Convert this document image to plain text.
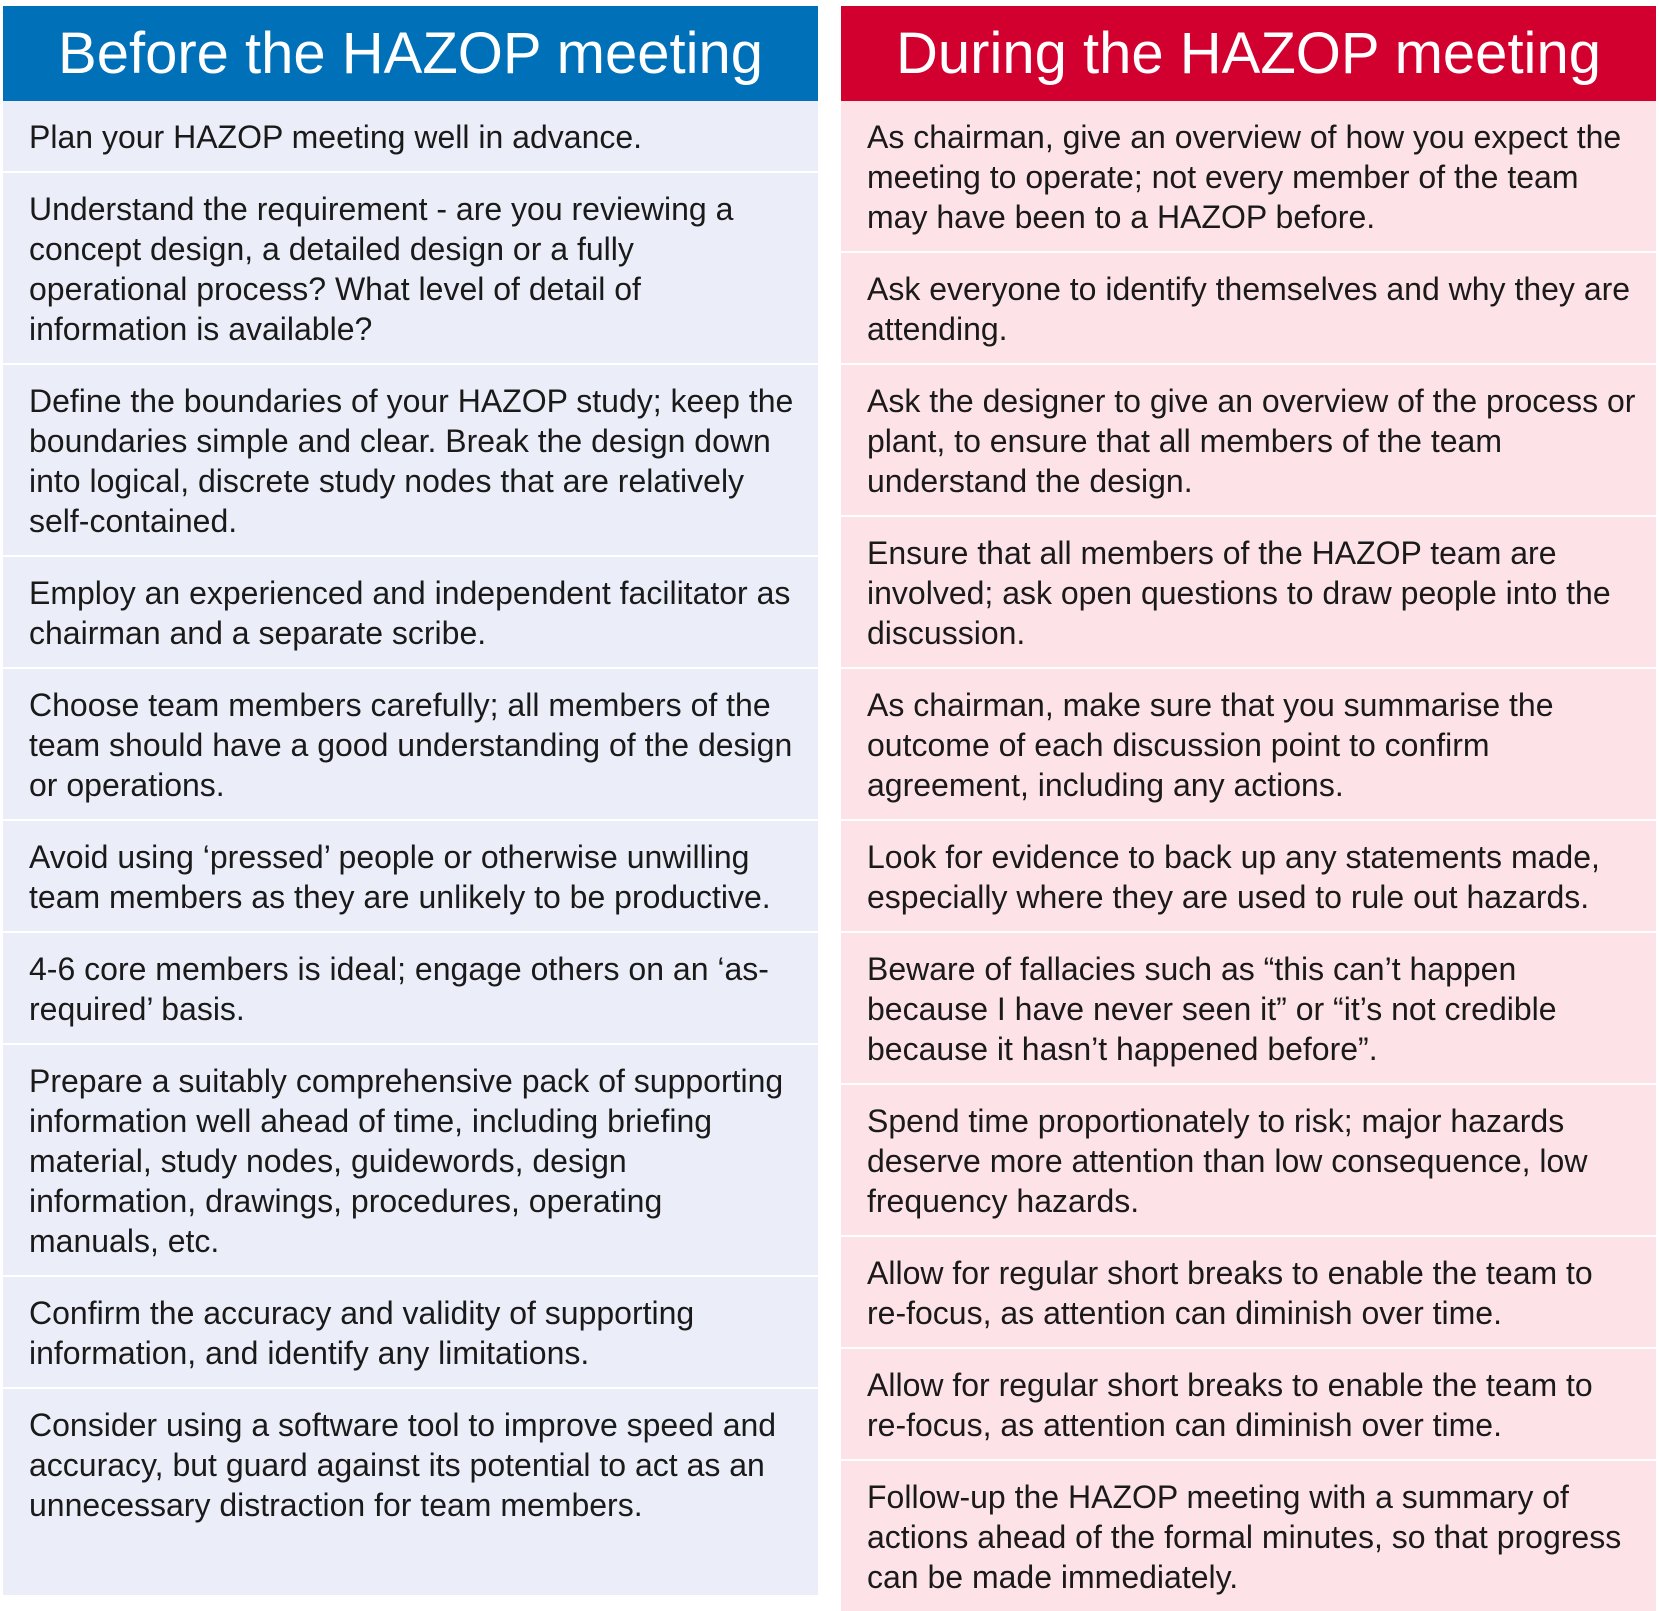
Before the HAZOP meeting
Plan your HAZOP meeting well in advance.
Understand the requirement - are you reviewing a concept design, a detailed design or a fully operational process? What level of detail of information is available?
Define the boundaries of your HAZOP study; keep the boundaries simple and clear. Break the design down into logical, discrete study nodes that are relatively self-contained.
Employ an experienced and independent facilitator as chairman and a separate scribe.
Choose team members carefully; all members of the team should have a good understanding of the design or operations.
Avoid using ‘pressed’ people or otherwise unwilling team members as they are unlikely to be productive.
4-6 core members is ideal; engage others on an ‘as-required’ basis.
Prepare a suitably comprehensive pack of supporting information well ahead of time, including briefing material, study nodes, guidewords, design information, drawings, procedures, operating manuals, etc.
Confirm the accuracy and validity of supporting information, and identify any limitations.
Consider using a software tool to improve speed and accuracy, but guard against its potential to act as an unnecessary distraction for team members.
During the HAZOP meeting
As chairman, give an overview of how you expect the meeting to operate; not every member of the team may have been to a HAZOP before.
Ask everyone to identify themselves and why they are attending.
Ask the designer to give an overview of the process or plant, to ensure that all members of the team understand the design.
Ensure that all members of the HAZOP team are involved; ask open questions to draw people into the discussion.
As chairman, make sure that you summarise the outcome of each discussion point to confirm agreement, including any actions.
Look for evidence to back up any statements made, especially where they are used to rule out hazards.
Beware of fallacies such as “this can’t happen because I have never seen it” or “it’s not credible because it hasn’t happened before”.
Spend time proportionately to risk; major hazards deserve more attention than low consequence, low frequency hazards.
Allow for regular short breaks to enable the team to re-focus, as attention can diminish over time.
Allow for regular short breaks to enable the team to re-focus, as attention can diminish over time.
Follow-up the HAZOP meeting with a summary of actions ahead of the formal minutes, so that progress can be made immediately.
